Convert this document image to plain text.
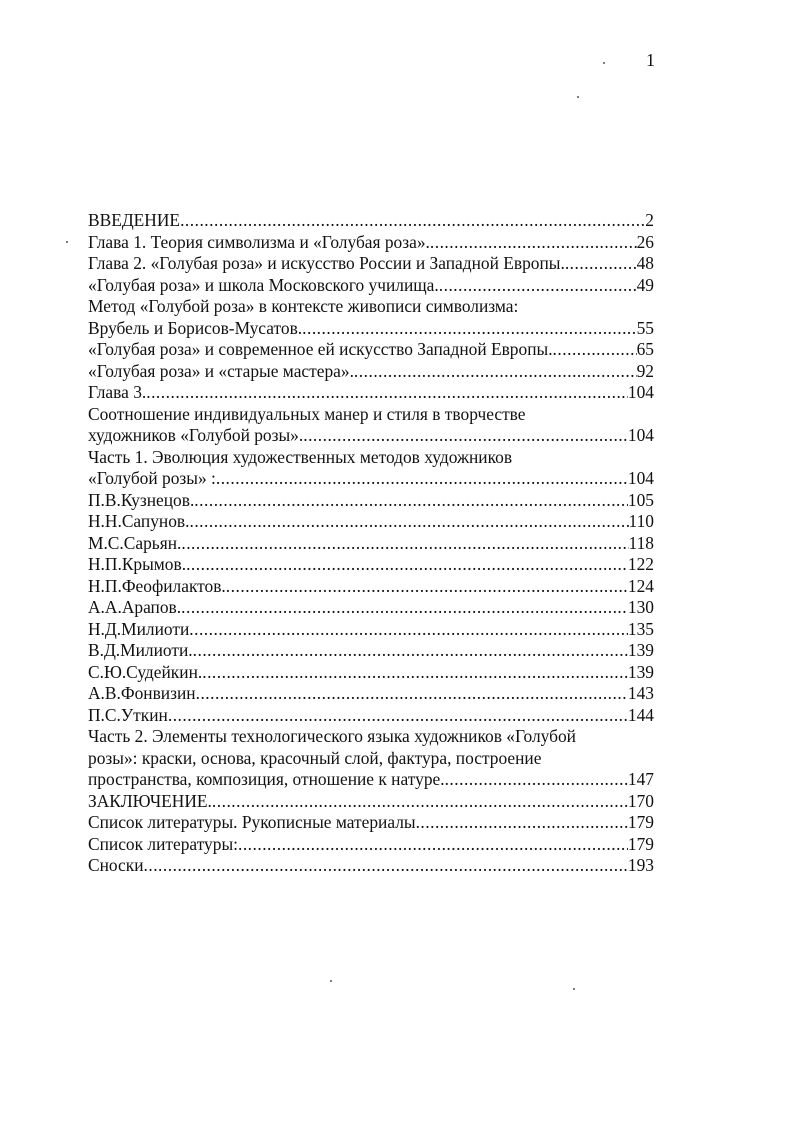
1
ВВЕДЕНИЕ .....	2
Глава 1. Теория символизма и «Голубая роза». .....	26
Глава 2. «Голубая роза» и искусство России и Западной Европы. .....	48
«Голубая роза» и школа Московского училища. .....	49
Метод «Голубой роза» в контексте живописи символизма:
Врубель и Борисов-Мусатов. .....	55
«Голубая роза» и современное ей искусство Западной Европы. .....	65
«Голубая роза» и «старые мастера». .....	92
Глава 3. .....	104
Соотношение индивидуальных манер и стиля в творчестве
художников «Голубой розы». .....	104
Часть 1. Эволюция художественных методов художников
«Голубой розы» : .....	104
П.В.Кузнецов. .....	105
Н.Н.Сапунов. .....	110
М.С.Сарьян. .....	118
Н.П.Крымов. .....	122
Н.П.Феофилактов. .....	124
А.А.Арапов. .....	130
Н.Д.Милиоти .....	135
В.Д.Милиоти. .....	139
С.Ю.Судейкин. .....	139
А.В.Фонвизин .....	143
П.С.Уткин .....	144
Часть 2. Элементы технологического языка художников «Голубой
розы»: краски, основа, красочный слой, фактура, построение
пространства, композиция, отношение к натуре. .....	147
ЗАКЛЮЧЕНИЕ. .....	170
Список литературы. Рукописные материалы .....	179
Список литературы: .....	179
Сноски .....	193
